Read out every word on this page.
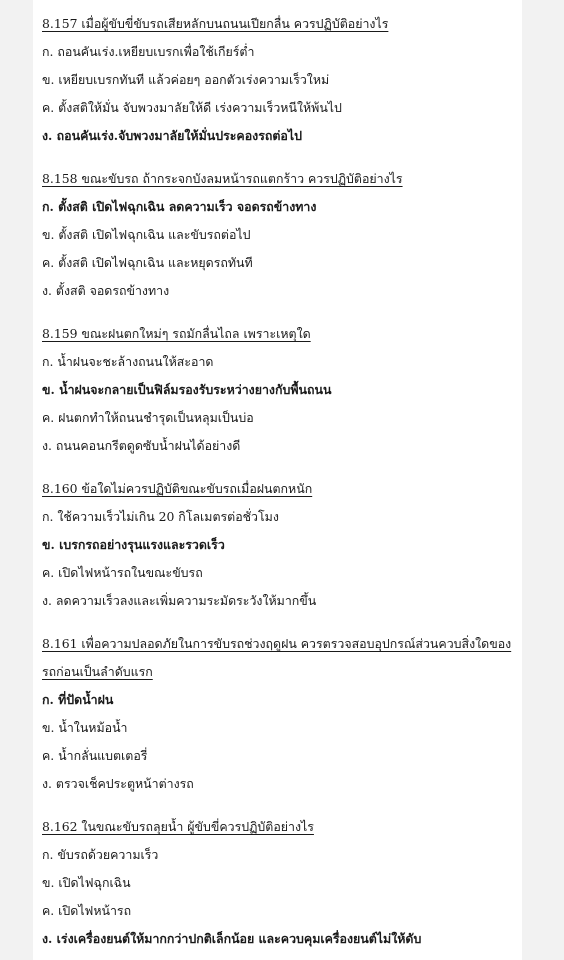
8.157 เมื่อผู้ขับขี่ขับรถเสียหลักบนถนนเปียกลื่น ควรปฏิบัติอย่างไร
ก. ถอนคันเร่ง.เหยียบเบรกเพื่อใช้เกียร์ต่ำ
ข. เหยียบเบรกทันที แล้วค่อยๆ ออกตัวเร่งความเร็วใหม่
ค. ตั้งสติให้มั่น จับพวงมาลัยให้ดี เร่งความเร็วหนีให้พ้นไป
ง. ถอนคันเร่ง.จับพวงมาลัยให้มั่นประคองรถต่อไป
8.158 ขณะขับรถ ถ้ากระจกบังลมหน้ารถแตกร้าว ควรปฏิบัติอย่างไร
ก. ตั้งสติ เปิดไฟฉุกเฉิน ลดความเร็ว จอดรถข้างทาง
ข. ตั้งสติ เปิดไฟฉุกเฉิน และขับรถต่อไป
ค. ตั้งสติ เปิดไฟฉุกเฉิน และหยุดรถทันที
ง. ตั้งสติ จอดรถข้างทาง
8.159 ขณะฝนตกใหม่ๆ รถมักลื่นไถล เพราะเหตุใด
ก. น้ำฝนจะชะล้างถนนให้สะอาด
ข. น้ำฝนจะกลายเป็นฟิล์มรองรับระหว่างยางกับพื้นถนน
ค. ฝนตกทำให้ถนนชำรุดเป็นหลุมเป็นบ่อ
ง. ถนนคอนกรีตดูดซับน้ำฝนได้อย่างดี
8.160 ข้อใดไม่ควรปฏิบัติขณะขับรถเมื่อฝนตกหนัก
ก. ใช้ความเร็วไม่เกิน 20 กิโลเมตรต่อชั่วโมง
ข. เบรกรถอย่างรุนแรงและรวดเร็ว
ค. เปิดไฟหน้ารถในขณะขับรถ
ง. ลดความเร็วลงและเพิ่มความระมัดระวังให้มากขึ้น
8.161 เพื่อความปลอดภัยในการขับรถช่วงฤดูฝน ควรตรวจสอบอุปกรณ์ส่วนควบสิ่งใดของรถก่อนเป็นลำดับแรก
ก. ที่ปัดน้ำฝน
ข. น้ำในหม้อน้ำ
ค. น้ำกลั่นแบตเตอรี่
ง. ตรวจเช็คประตูหน้าต่างรถ
8.162 ในขณะขับรถลุยน้ำ ผู้ขับขี่ควรปฏิบัติอย่างไร
ก. ขับรถด้วยความเร็ว
ข. เปิดไฟฉุกเฉิน
ค. เปิดไฟหน้ารถ
ง. เร่งเครื่องยนต์ให้มากกว่าปกติเล็กน้อย และควบคุมเครื่องยนต์ไม่ให้ดับ
